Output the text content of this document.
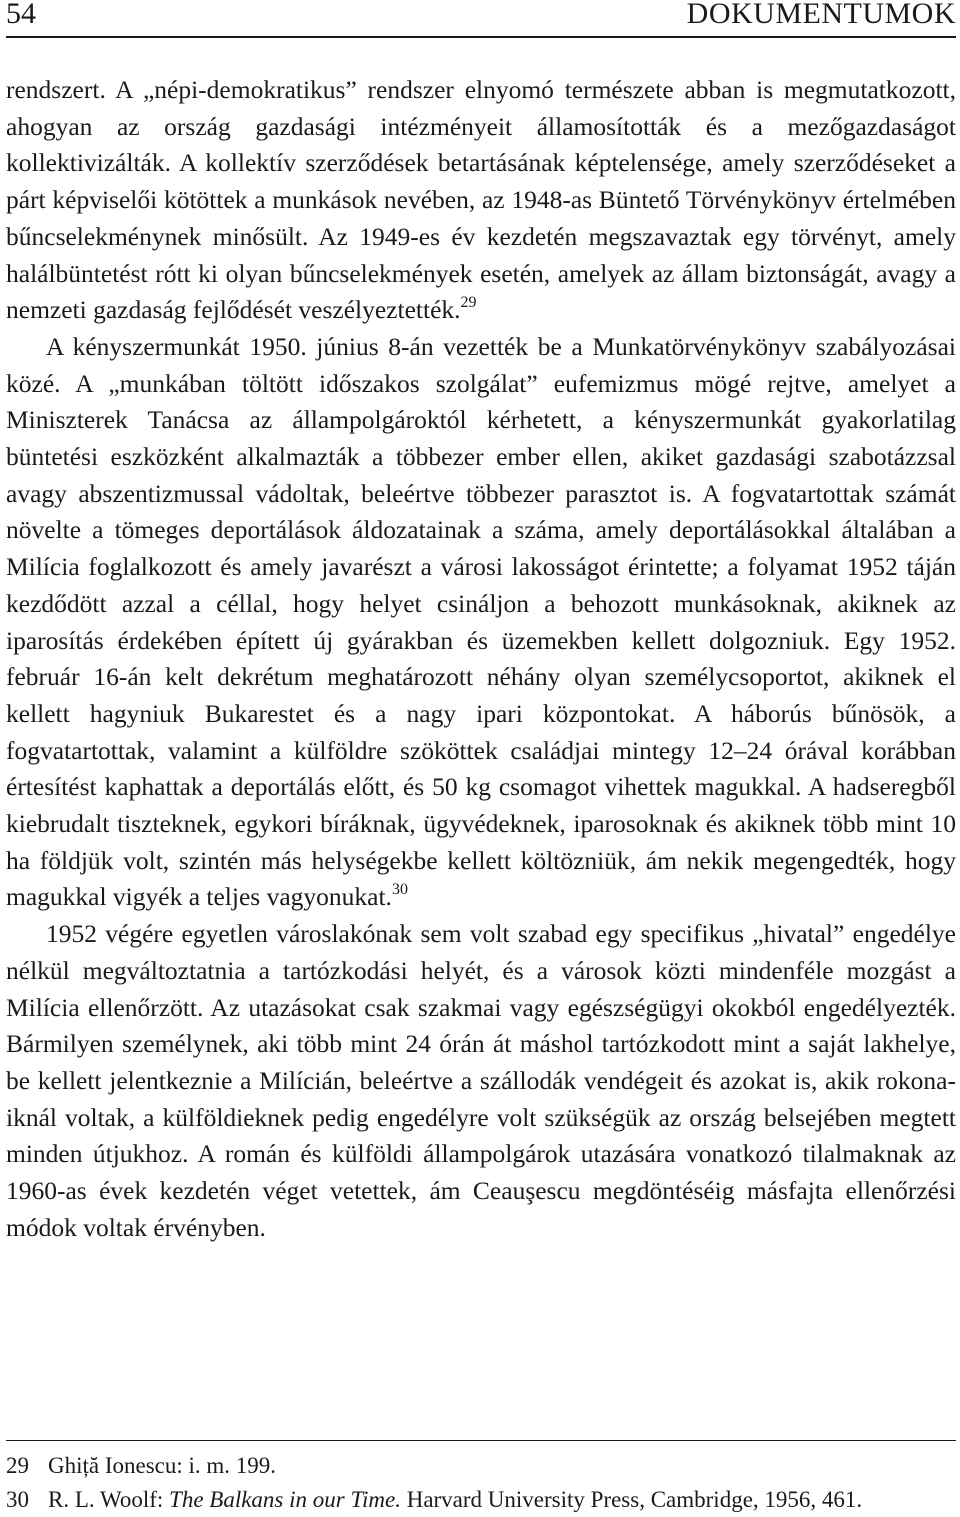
54	DOKUMENTUMOK

rendszert. A „népi-demokratikus” rendszer elnyomó természete abban is megmutatkozott, ahogyan az ország gazdasági intézményeit államosították és a mezőgazdaságot kollektivizálták. A kollektív szerződések betartásának képtelensége, amely szerződéseket a párt képviselői kötöttek a munkások nevében, az 1948-as Büntető Törvénykönyv értelmében bűncselekménynek minősült. Az 1949-es év kezdetén megszavaztak egy törvényt, amely halálbüntetést rótt ki olyan bűncselekmények esetén, amelyek az állam biztonságát, avagy a nemzeti gazdaság fejlődését veszélyeztették.$^{29}$

A kényszermunkát 1950. június 8-án vezették be a Munkatörvénykönyv szabályozásai közé. A „munkában töltött időszakos szolgálat” eufemizmus mögé rejtve, amelyet a Miniszterek Tanácsa az állampolgároktól kérhetett, a kényszermunkát gyakorlatilag büntetési eszközként alkalmazták a többezer ember ellen, akiket gazdasági szabotázzsal avagy abszentizmussal vádoltak, beleértve többezer parasztot is. A fogvatartottak számát növelte a tömeges deportálások áldozatainak a száma, amely deportálásokkal általában a Milícia foglalkozott és amely javarészt a városi lakosságot érintette; a folyamat 1952 táján kezdődött azzal a céllal, hogy helyet csináljon a behozott munkásoknak, akiknek az iparosítás érdekében épített új gyárakban és üzemekben kellett dolgozniuk. Egy 1952. február 16-án kelt dekrétum meghatározott néhány olyan személycsoportot, akiknek el kellett hagyniuk Bukarestet és a nagy ipari központokat. A háborús bűnösök, a fogvatartottak, valamint a külföldre szököttek családjai mintegy 12–24 órával korábban értesítést kaphattak a deportálás előtt, és 50 kg csomagot vihettek magukkal. A hadseregből kiebrudalt tiszteknek, egykori bíráknak, ügyvédeknek, iparosoknak és akiknek több mint 10 ha földjük volt, szintén más helységekbe kellett költözniük, ám nekik megengedték, hogy magukkal vigyék a teljes vagyonukat.$^{30}$

1952 végére egyetlen városlakónak sem volt szabad egy specifikus „hivatal” engedélye nélkül megváltoztatnia a tartózkodási helyét, és a városok közti mindenféle mozgást a Milícia ellenőrzött. Az utazásokat csak szakmai vagy egészségügyi okokból engedélyezték. Bármilyen személynek, aki több mint 24 órán át máshol tartózkodott mint a saját lakhelye, be kellett jelentkeznie a Milícián, beleértve a szállodák vendégeit és azokat is, akik rokonaiknál voltak, a külföldieknek pedig engedélyre volt szükségük az ország belsejében megtett minden útjukhoz. A román és külföldi állampolgárok utazására vonatkozó tilalmaknak az 1960-as évek kezdetén véget vetettek, ám Ceauşescu megdöntéséig másfajta ellenőrzési módok voltak érvényben.

29 Ghiță Ionescu: i. m. 199.
30 R. L. Woolf: The Balkans in our Time. Harvard University Press, Cambridge, 1956, 461.
